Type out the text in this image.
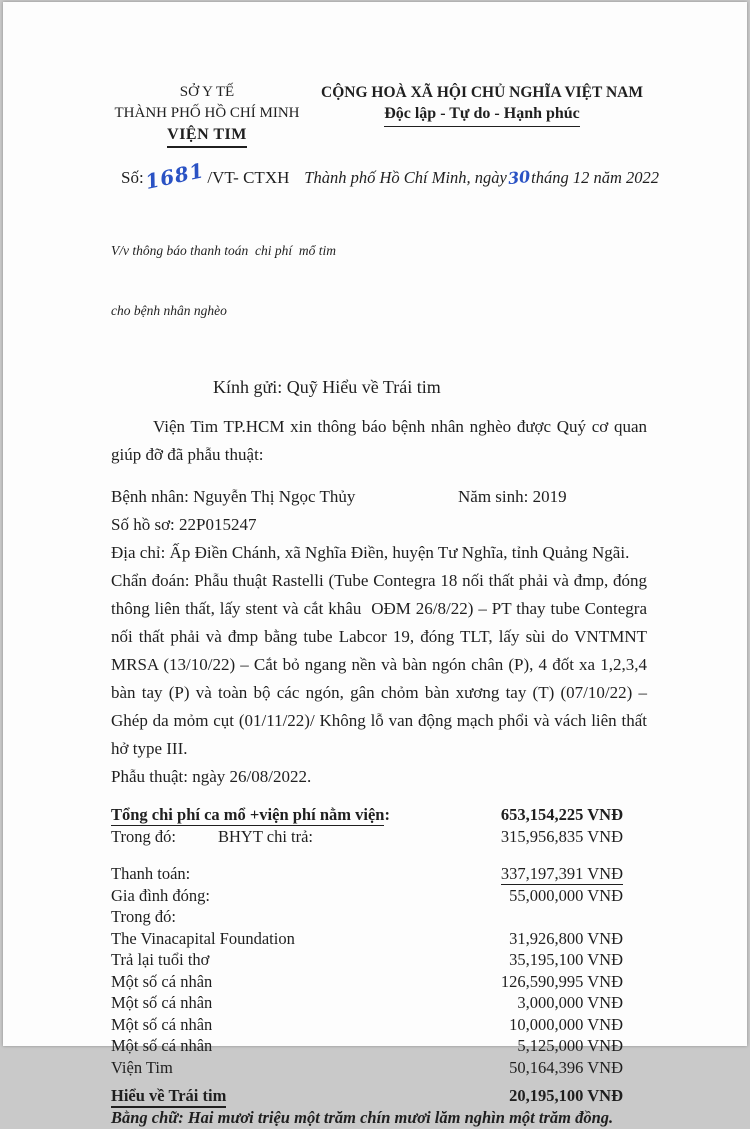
SỞ Y TẾ
THÀNH PHỐ HỒ CHÍ MINH
VIỆN TIM
CỘNG HOÀ XÃ HỘI CHỦ NGHĨA VIỆT NAM
Độc lập - Tự do - Hạnh phúc
Số:1681/VT- CTXH Thành phố Hồ Chí Minh, ngày30tháng 12 năm 2022

V/v thông báo thanh toán  chi phí  mổ tim

cho bệnh nhân nghèo

Kính gửi: Quỹ Hiểu về Trái tim
Viện Tim TP.HCM xin thông báo bệnh nhân nghèo được Quý cơ quan giúp đỡ đã phẫu thuật:
Bệnh nhân: Nguyễn Thị Ngọc Thủy	Năm sinh: 2019
Số hồ sơ: 22P015247
Địa chỉ: Ấp Điền Chánh, xã Nghĩa Điền, huyện Tư Nghĩa, tỉnh Quảng Ngãi.
Chẩn đoán: Phẫu thuật Rastelli (Tube Contegra 18 nối thất phải và đmp, đóng thông liên thất, lấy stent và cắt khâu  OĐM 26/8/22) – PT thay tube Contegra nối thất phải và đmp bằng tube Labcor 19, đóng TLT, lấy sùi do VNTMNT MRSA (13/10/22) – Cắt bỏ ngang nền và bàn ngón chân (P), 4 đốt xa 1,2,3,4 bàn tay (P) và toàn bộ các ngón, gân chỏm bàn xương tay (T) (07/10/22) – Ghép da mỏm cụt (01/11/22)/ Không lỗ van động mạch phổi và vách liên thất hở type III.
Phẫu thuật: ngày 26/08/2022.
Tổng chi phí ca mổ +viện phí nằm viện:	653,154,225 VNĐ
Trong đó:	BHYT chi trả:	315,956,835 VNĐ
Thanh toán:	337,197,391 VNĐ
Gia đình đóng:	55,000,000 VNĐ
Trong đó:
The Vinacapital Foundation	31,926,800 VNĐ
Trả lại tuổi thơ	35,195,100 VNĐ
Một số cá nhân	126,590,995 VNĐ
Một số cá nhân	3,000,000 VNĐ
Một số cá nhân	10,000,000 VNĐ
Một số cá nhân	5,125,000 VNĐ
Viện Tim	50,164,396 VNĐ
Hiểu về Trái tim	20,195,100 VNĐ
Bằng chữ: Hai mươi triệu một trăm chín mươi lăm nghìn một trăm đồng.
